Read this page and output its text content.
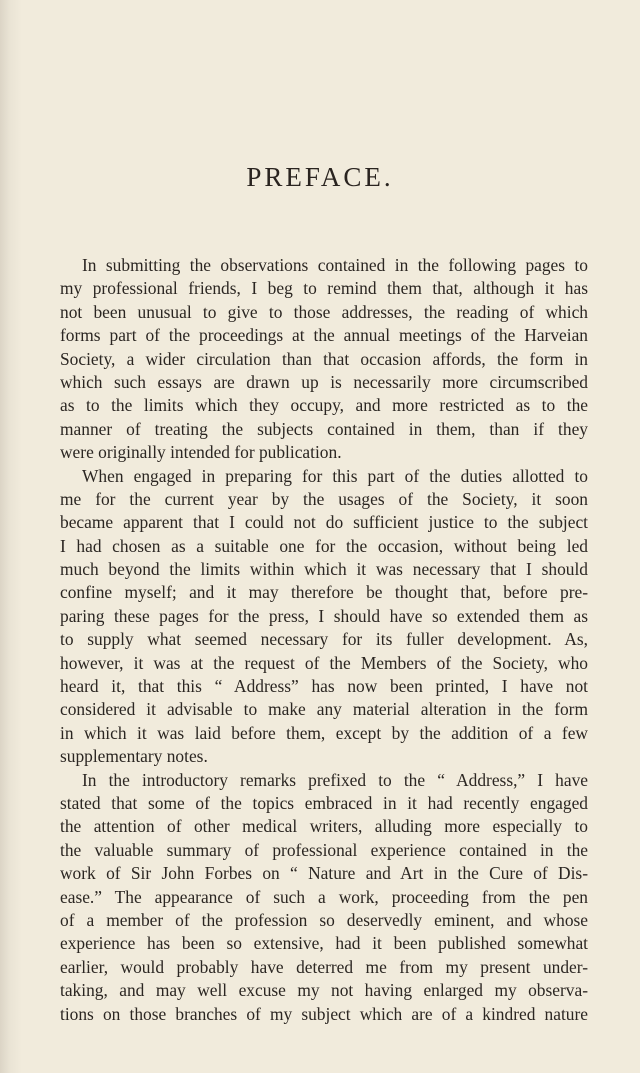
PREFACE.
In submitting the observations contained in the following pages to
my professional friends, I beg to remind them that, although it has
not been unusual to give to those addresses, the reading of which
forms part of the proceedings at the annual meetings of the Harveian
Society, a wider circulation than that occasion affords, the form in
which such essays are drawn up is necessarily more circumscribed
as to the limits which they occupy, and more restricted as to the
manner of treating the subjects contained in them, than if they
were originally intended for publication.
When engaged in preparing for this part of the duties allotted to
me for the current year by the usages of the Society, it soon
became apparent that I could not do sufficient justice to the subject
I had chosen as a suitable one for the occasion, without being led
much beyond the limits within which it was necessary that I should
confine myself; and it may therefore be thought that, before pre-
paring these pages for the press, I should have so extended them as
to supply what seemed necessary for its fuller development. As,
however, it was at the request of the Members of the Society, who
heard it, that this “ Address” has now been printed, I have not
considered it advisable to make any material alteration in the form
in which it was laid before them, except by the addition of a few
supplementary notes.
In the introductory remarks prefixed to the “ Address,” I have
stated that some of the topics embraced in it had recently engaged
the attention of other medical writers, alluding more especially to
the valuable summary of professional experience contained in the
work of Sir John Forbes on “ Nature and Art in the Cure of Dis-
ease.” The appearance of such a work, proceeding from the pen
of a member of the profession so deservedly eminent, and whose
experience has been so extensive, had it been published somewhat
earlier, would probably have deterred me from my present under-
taking, and may well excuse my not having enlarged my observa-
tions on those branches of my subject which are of a kindred nature
